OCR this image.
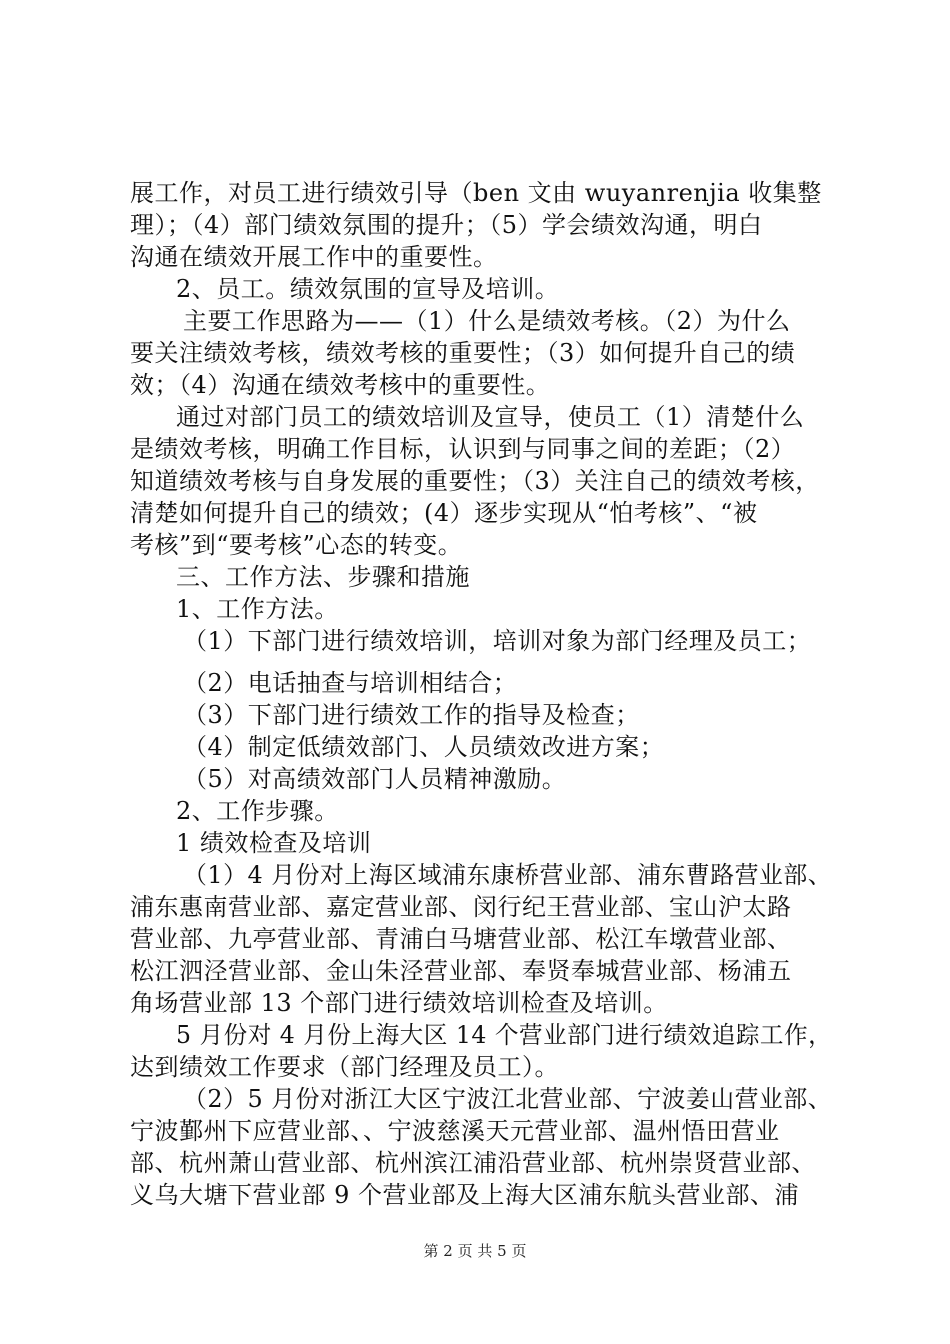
展工作，对员工进行绩效引导（ben 文由 wuyanrenjia 收集整
理）；（4）部门绩效氛围的提升；（5）学会绩效沟通，明白
沟通在绩效开展工作中的重要性。
2、员工。绩效氛围的宣导及培训。
主要工作思路为——（1）什么是绩效考核。（2）为什么
要关注绩效考核，绩效考核的重要性；（3）如何提升自己的绩
效；（4）沟通在绩效考核中的重要性。
通过对部门员工的绩效培训及宣导，使员工（1）清楚什么
是绩效考核，明确工作目标，认识到与同事之间的差距；（2）
知道绩效考核与自身发展的重要性；（3）关注自己的绩效考核，
清楚如何提升自己的绩效；(4）逐步实现从“怕考核”、“被
考核”到“要考核”心态的转变。
三、工作方法、步骤和措施
1、工作方法。
（1）下部门进行绩效培训，培训对象为部门经理及员工；
（2）电话抽查与培训相结合；
（3）下部门进行绩效工作的指导及检查；
（4）制定低绩效部门、人员绩效改进方案；
（5）对高绩效部门人员精神激励。
2、工作步骤。
1 绩效检查及培训
（1）4 月份对上海区域浦东康桥营业部、浦东曹路营业部、
浦东惠南营业部、嘉定营业部、闵行纪王营业部、宝山沪太路
营业部、九亭营业部、青浦白马塘营业部、松江车墩营业部、
松江泗泾营业部、金山朱泾营业部、奉贤奉城营业部、杨浦五
角场营业部 13 个部门进行绩效培训检查及培训。
5 月份对 4 月份上海大区 14 个营业部门进行绩效追踪工作，
达到绩效工作要求（部门经理及员工）。
（2）5 月份对浙江大区宁波江北营业部、宁波姜山营业部、
宁波鄞州下应营业部、、宁波慈溪天元营业部、温州悟田营业
部、杭州萧山营业部、杭州滨江浦沿营业部、杭州崇贤营业部、
义乌大塘下营业部 9 个营业部及上海大区浦东航头营业部、浦
第 2 页 共 5 页
